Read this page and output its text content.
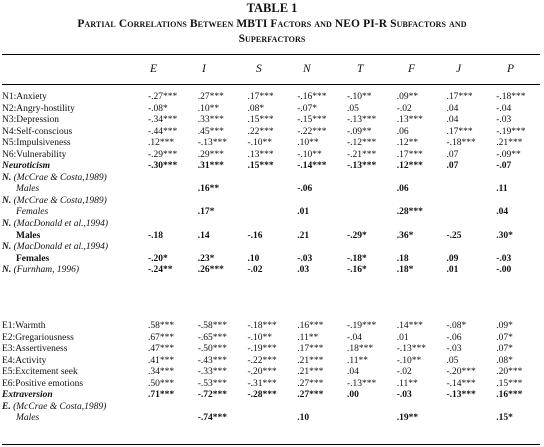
TABLE 1
Partial Correlations Between MBTI Factors and NEO PI-R Subfactors and
Superfactors
E	I	S	N	T	F	J	P
N1:Anxiety	-.27***	.27***	.17***	-.16***	-.10**	.09**	.17***	-.18***
N2:Angry-hostility	-.08*	.10**	.08*	-.07*	.05	-.02	.04	-.04
N3:Depression	-.34***	.33***	.15***	-.15***	-.13***	.13***	.04	-.03
N4:Self-conscious	-.44***	.45***	.22***	-.22***	-.09**	.06	.17***	-.19***
N5:Impulsiveness	.12***	-.13***	-.10**	.10**	-.12***	.12**	-.18***	.21***
N6:Vulnerability	-.29***	.29***	.13***	-.10**	-.21***	.17***	.07	-.09**
Neuroticism	-.30***	.31***	.15***	-.14***	-.13***	.12***	.07	-.07
N. (McCrae & Costa,1989)								
Males		.16**		-.06		.06		.11
N. (McCrae & Costa,1989)								
Females		.17*		.01		.28***		.04
N. (MacDonald et al.,1994)								
Males	-.18	.14	-.16	.21	-.29*	.36*	-.25	.30*
N. (MacDonald et al.,1994)								
Females	-.20*	.23*	.10	-.03	-.18*	.18	.09	-.03
N. (Furnham, 1996)	-.24**	.26***	-.02	.03	-.16*	.18*	.01	-.00
E1:Warmth	.58***	-.58***	-.18***	.16***	-.19***	.14***	-.08*	.09*
E2:Gregariousness	.67***	-.65***	-.10**	.11**	-.04	.01	-.06	.07*
E3:Assertiveness	.47***	-.50***	-.19***	.17***	.18***	-.13***	-.03	.07*
E4:Activity	.41***	-.43***	-.22***	.21***	.11**	-.10**	.05	.08*
E5:Excitement seek	.34***	-.33***	-.20***	.21***	.04	-.02	-.20***	.20***
E6:Positive emotions	.50***	-.53***	-.31***	.27***	-.13***	.11**	-.14***	.15***
Extraversion	.71***	-.72***	-.28***	.27***	.00	-.03	-.13***	.16***
E. (McCrae & Costa,1989)								
Males		-.74***		.10		.19**		.15*
